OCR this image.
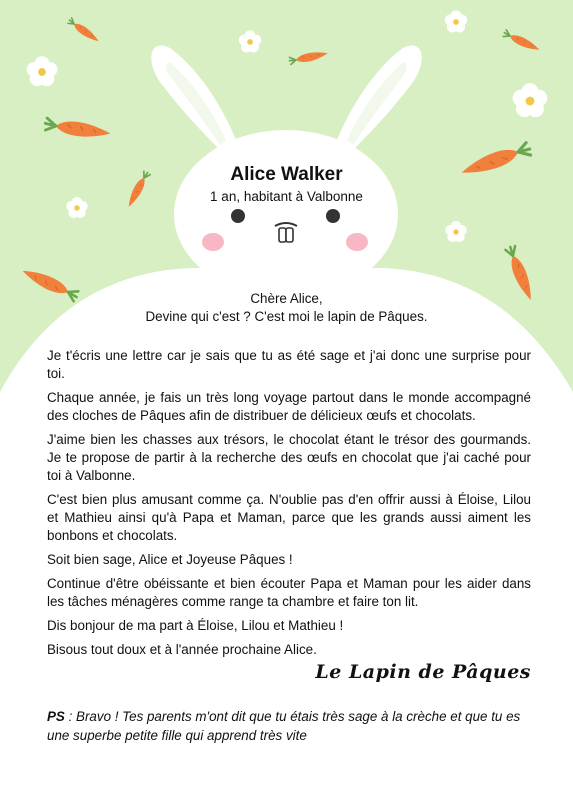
Alice Walker
1 an, habitant à Valbonne
Chère Alice,
Devine qui c'est ? C'est moi le lapin de Pâques.

Je t'écris une lettre car je sais que tu as été sage et j'ai donc une surprise pour toi.

Chaque année, je fais un très long voyage partout dans le monde accompagné des cloches de Pâques afin de distribuer de délicieux œufs et chocolats.

J'aime bien les chasses aux trésors, le chocolat étant le trésor des gourmands. Je te propose de partir à la recherche des œufs en chocolat que j'ai caché pour toi à Valbonne.

C'est bien plus amusant comme ça. N'oublie pas d'en offrir aussi à Éloise, Lilou et Mathieu ainsi qu'à Papa et Maman, parce que les grands aussi aiment les bonbons et chocolats.

Soit bien sage, Alice et Joyeuse Pâques !

Continue d'être obéissante et bien écouter Papa et Maman pour les aider dans les tâches ménagères comme range ta chambre et faire ton lit.

Dis bonjour de ma part à Éloise, Lilou et Mathieu !

Bisous tout doux et à l'année prochaine Alice.

Le Lapin de Pâques
PS : Bravo ! Tes parents m'ont dit que tu étais très sage à la crèche et que tu es une superbe petite fille qui apprend très vite
